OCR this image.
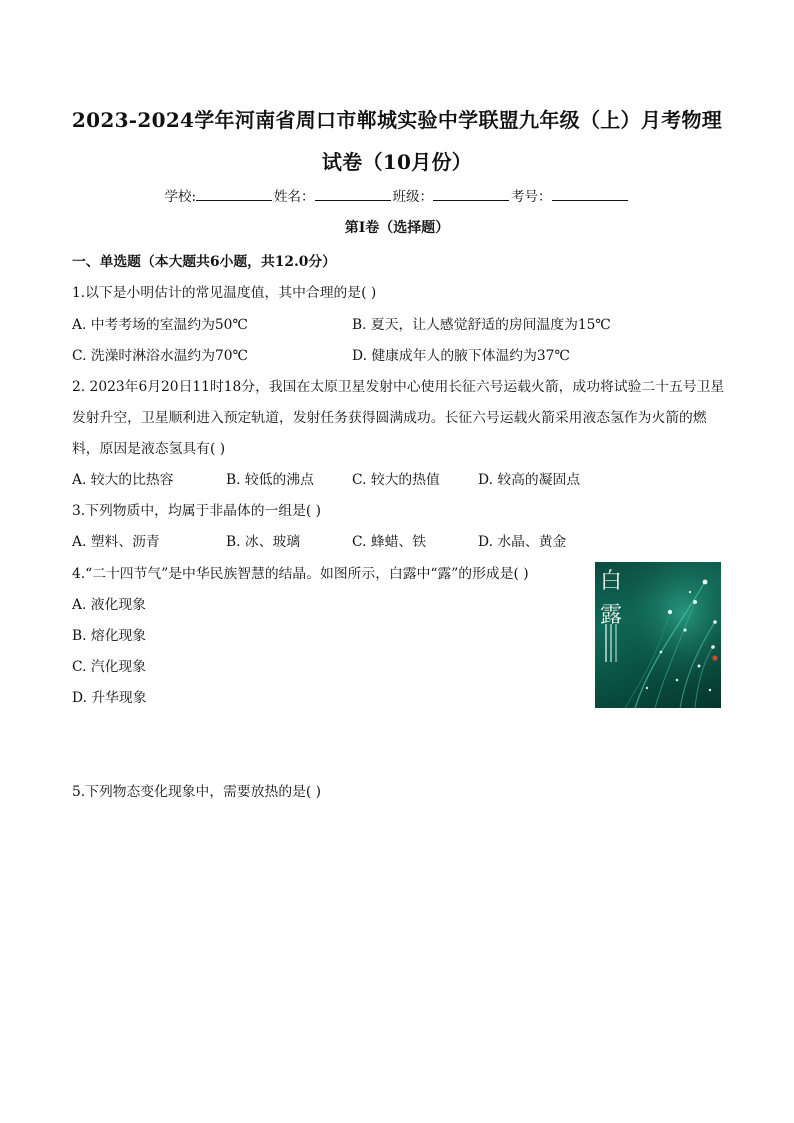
2023-2024学年河南省周口市郸城实验中学联盟九年级（上）月考物理
试卷（10月份）
学校:	姓名：	班级：	考号：
第I卷（选择题）
一、单选题（本大题共6小题，共12.0分）
1.以下是小明估计的常见温度值，其中合理的是( )
A. 中考考场的室温约为50℃	B. 夏天，让人感觉舒适的房间温度为15℃
C. 洗澡时淋浴水温约为70℃	D. 健康成年人的腋下体温约为37℃
2. 2023年6月20日11时18分，我国在太原卫星发射中心使用长征六号运载火箭，成功将试验二十五号卫星
发射升空，卫星顺利进入预定轨道，发射任务获得圆满成功。长征六号运载火箭采用液态氢作为火箭的燃
料，原因是液态氢具有( )
A. 较大的比热容	B. 较低的沸点	C. 较大的热值	D. 较高的凝固点
3.下列物质中，均属于非晶体的一组是( )
A. 塑料、沥青	B. 冰、玻璃	C. 蜂蜡、铁	D. 水晶、黄金
4.“二十四节气”是中华民族智慧的结晶。如图所示，白露中“露”的形成是( )
A. 液化现象
B. 熔化现象
C. 汽化现象
D. 升华现象
白
露
5.下列物态变化现象中，需要放热的是( )
